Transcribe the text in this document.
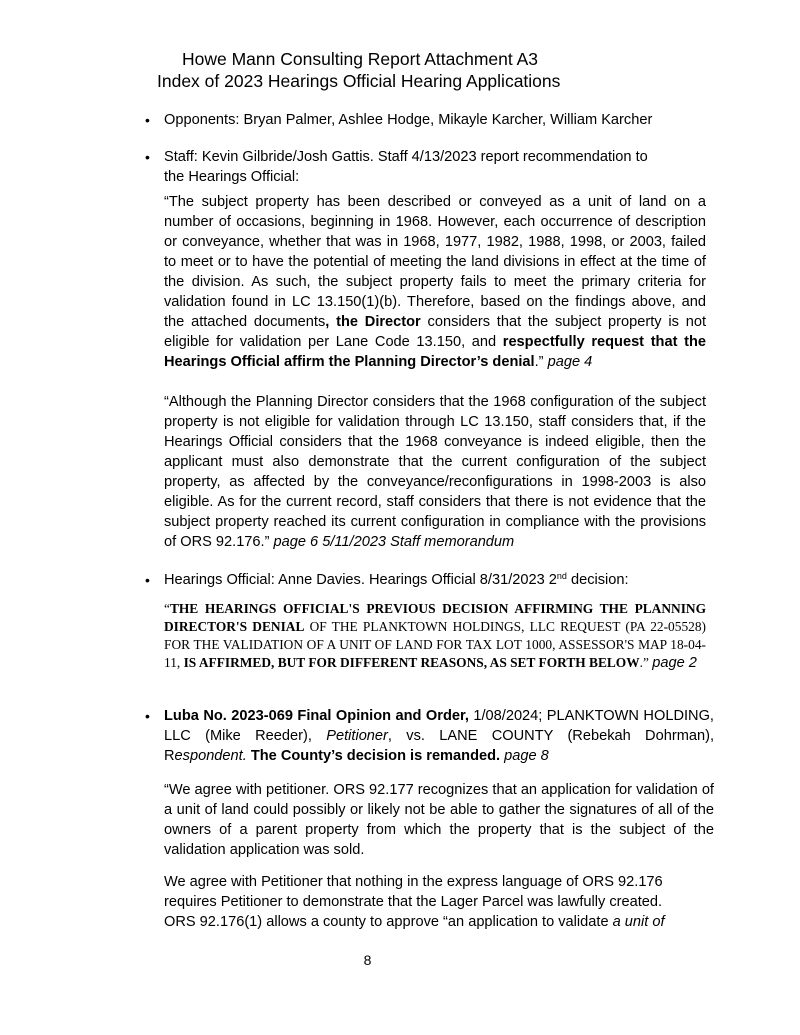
Howe Mann Consulting Report Attachment A3
Index of 2023 Hearings Official Hearing Applications
• Opponents: Bryan Palmer, Ashlee Hodge, Mikayle Karcher, William Karcher
• Staff: Kevin Gilbride/Josh Gattis. Staff 4/13/2023 report recommendation to
the Hearings Official:
“The subject property has been described or conveyed as a unit of land on a number of occasions, beginning in 1968. However, each occurrence of description or conveyance, whether that was in 1968, 1977, 1982, 1988, 1998, or 2003, failed to meet or to have the potential of meeting the land divisions in effect at the time of the division. As such, the subject property fails to meet the primary criteria for validation found in LC 13.150(1)(b). Therefore, based on the findings above, and the attached documents, the Director considers that the subject property is not eligible for validation per Lane Code 13.150, and respectfully request that the Hearings Official affirm the Planning Director’s denial.” page 4
“Although the Planning Director considers that the 1968 configuration of the subject property is not eligible for validation through LC 13.150, staff considers that, if the Hearings Official considers that the 1968 conveyance is indeed eligible, then the applicant must also demonstrate that the current configuration of the subject property, as affected by the conveyance/reconfigurations in 1998-2003 is also eligible. As for the current record, staff considers that there is not evidence that the subject property reached its current configuration in compliance with the provisions of ORS 92.176.” page 6 5/11/2023 Staff memorandum
• Hearings Official: Anne Davies. Hearings Official 8/31/2023 2nd decision:
“THE HEARINGS OFFICIAL'S PREVIOUS DECISION AFFIRMING THE PLANNING DIRECTOR'S DENIAL OF THE PLANKTOWN HOLDINGS, LLC REQUEST (PA 22-05528) FOR THE VALIDATION OF A UNIT OF LAND FOR TAX LOT 1000, ASSESSOR'S MAP 18-04-11, IS AFFIRMED, BUT FOR DIFFERENT REASONS, AS SET FORTH BELOW.” page 2
• Luba No. 2023-069 Final Opinion and Order, 1/08/2024; PLANKTOWN HOLDING, LLC (Mike Reeder), Petitioner, vs. LANE COUNTY (Rebekah Dohrman), Respondent. The County’s decision is remanded. page 8
“We agree with petitioner. ORS 92.177 recognizes that an application for validation of a unit of land could possibly or likely not be able to gather the signatures of all of the owners of a parent property from which the property that is the subject of the validation application was sold.
We agree with Petitioner that nothing in the express language of ORS 92.176
requires Petitioner to demonstrate that the Lager Parcel was lawfully created.
ORS 92.176(1) allows a county to approve “an application to validate a unit of
8
